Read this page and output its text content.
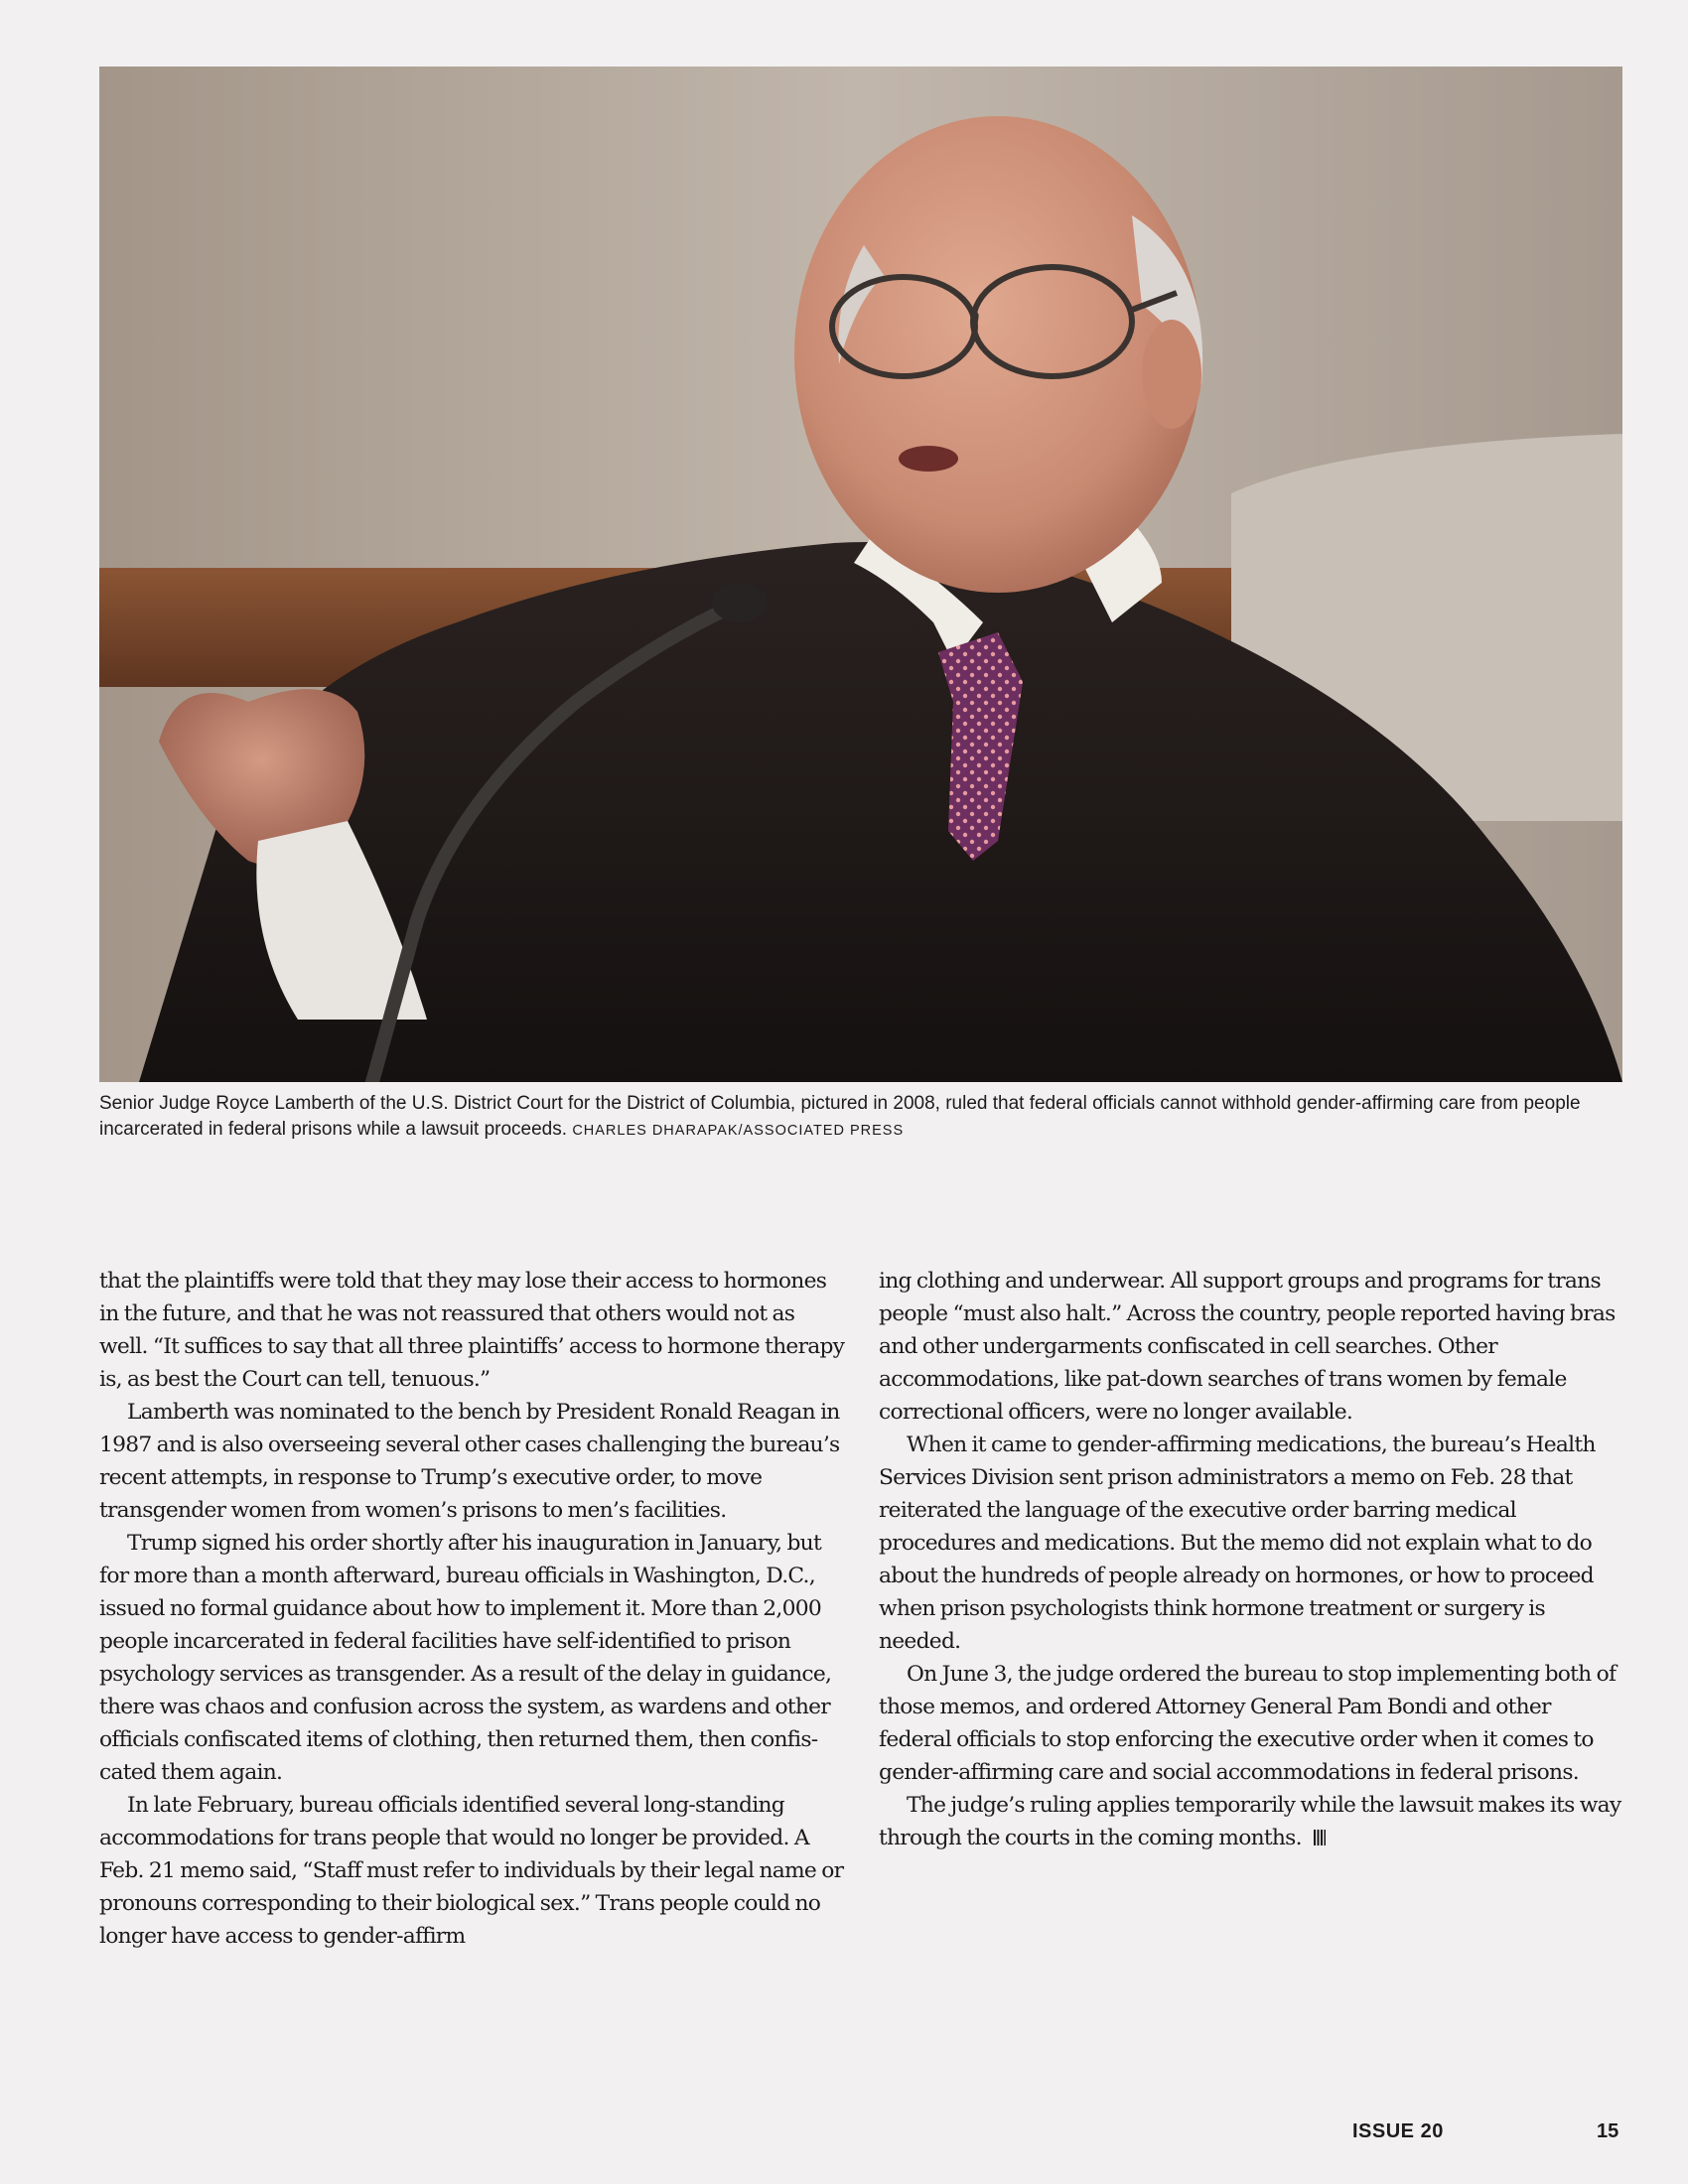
Senior Judge Royce Lamberth of the U.S. District Court for the District of Columbia, pictured in 2008, ruled that federal officials cannot withhold gender-affirming care from people incarcerated in federal prisons while a lawsuit proceeds. CHARLES DHARAPAK/ASSOCIATED PRESS

that the plaintiffs were told that they may lose their access to hormones in the future, and that he was not reassured that others would not as well. “It suffices to say that all three plaintiffs’ access to hormone therapy is, as best the Court can tell, tenuous.”

Lamberth was nominated to the bench by President Ronald Reagan in 1987 and is also overseeing several other cases challenging the bureau’s recent attempts, in response to Trump’s executive order, to move transgender women from women’s prisons to men’s facilities.

Trump signed his order shortly after his inauguration in January, but for more than a month afterward, bureau officials in Washington, D.C., issued no formal guidance about how to implement it. More than 2,000 people incarcerated in federal facilities have self-identified to prison psychology services as transgender. As a result of the delay in guidance, there was chaos and confusion across the system, as wardens and other officials confiscated items of clothing, then returned them, then confiscated them again.

In late February, bureau officials identified several long-standing accommodations for trans people that would no longer be provided. A Feb. 21 memo said, “Staff must refer to individuals by their legal name or pronouns corresponding to their biological sex.” Trans people could no longer have access to gender-affirm

ing clothing and underwear. All support groups and programs for trans people “must also halt.” Across the country, people reported having bras and other undergarments confiscated in cell searches. Other accommodations, like pat-down searches of trans women by female correctional officers, were no longer available.

When it came to gender-affirming medications, the bureau’s Health Services Division sent prison administrators a memo on Feb. 28 that reiterated the language of the executive order barring medical procedures and medications. But the memo did not explain what to do about the hundreds of people already on hormones, or how to proceed when prison psychologists think hormone treatment or surgery is needed.

On June 3, the judge ordered the bureau to stop implementing both of those memos, and ordered Attorney General Pam Bondi and other federal officials to stop enforcing the executive order when it comes to gender-affirming care and social accommodations in federal prisons.

The judge’s ruling applies temporarily while the lawsuit makes its way through the courts in the coming months.

ISSUE 20	15
